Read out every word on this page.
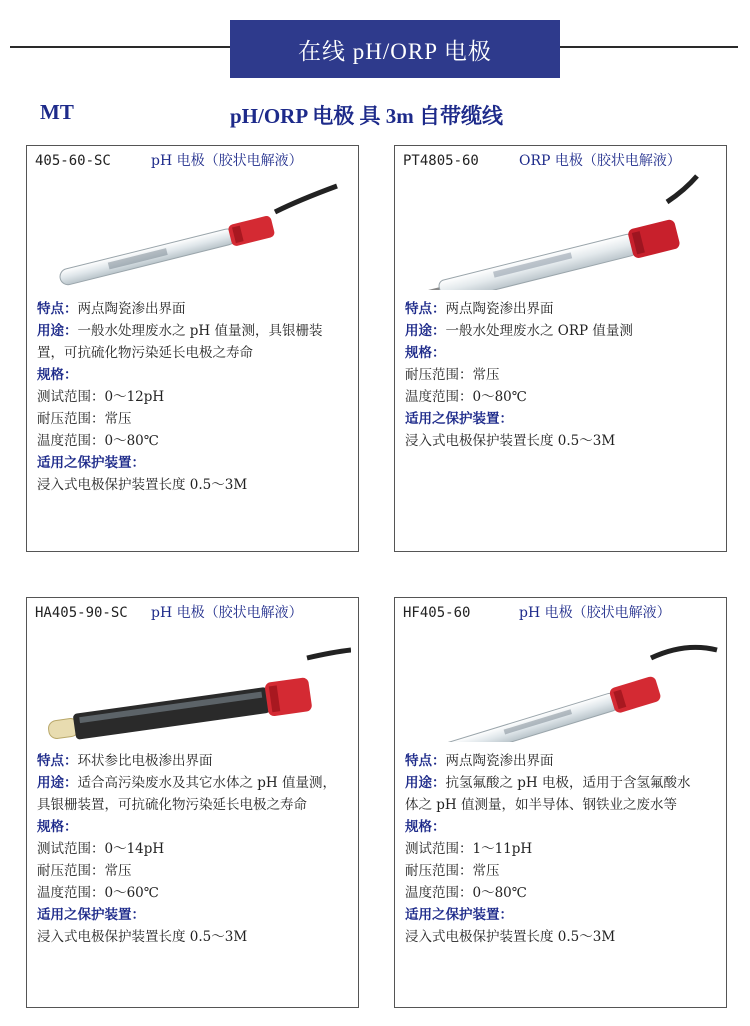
在线 pH/ORP 电极
MT	pH/ORP 电极 具 3m 自带缆线
405-60-SC	pH 电极（胶状电解液）
特点：两点陶瓷渗出界面
用途：一般水处理废水之 pH 值量测，具银栅装
置，可抗硫化物污染延长电极之寿命
规格：
测试范围：0～12pH
耐压范围：常压
温度范围：0～80℃
适用之保护装置：
浸入式电极保护装置长度 0.5～3M
PT4805-60	ORP 电极（胶状电解液）
特点：两点陶瓷渗出界面
用途：一般水处理废水之 ORP 值量测
规格：
耐压范围：常压
温度范围：0～80℃
适用之保护装置：
浸入式电极保护装置长度 0.5～3M
HA405-90-SC pH 电极（胶状电解液）
特点：环状参比电极渗出界面
用途：适合高污染废水及其它水体之 pH 值量测，
具银栅装置，可抗硫化物污染延长电极之寿命
规格：
测试范围：0～14pH
耐压范围：常压
温度范围：0～60℃
适用之保护装置：
浸入式电极保护装置长度 0.5～3M
HF405-60	pH 电极（胶状电解液）
特点：两点陶瓷渗出界面
用途：抗氢氟酸之 pH 电极，适用于含氢氟酸水
体之 pH 值测量，如半导体、钢铁业之废水等
规格：
测试范围：1～11pH
耐压范围：常压
温度范围：0～80℃
适用之保护装置：
浸入式电极保护装置长度 0.5～3M
